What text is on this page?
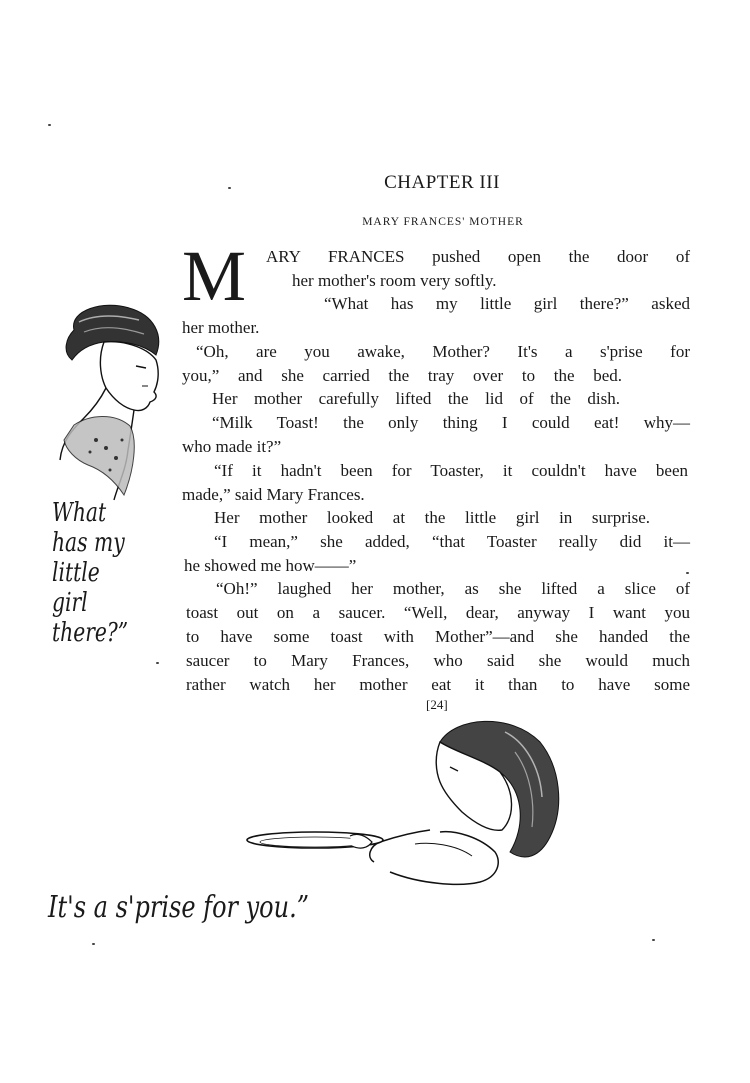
CHAPTER III
MARY FRANCES' MOTHER
M ARY FRANCES pushed open the door of
her mother's room very softly.
“What has my little girl there?” asked
her mother.
“Oh, are you awake, Mother? It's a s'prise for
you,” and she carried the tray over to the bed.
Her mother carefully lifted the lid of the dish.
“Milk Toast! the only thing I could eat! why—
who made it?”
“If it hadn't been for Toaster, it couldn't have been
made,” said Mary Frances.
Her mother looked at the little girl in surprise.
“I mean,” she added, “that Toaster really did it—
he showed me how——”
“Oh!” laughed her mother, as she lifted a slice of
toast out on a saucer. “Well, dear, anyway I want you
to have some toast with Mother”—and she handed the
saucer to Mary Frances, who said she would much
rather watch her mother eat it than to have some
[24]
What
has my
little
girl
there?”
It's a s'prise for you.”
